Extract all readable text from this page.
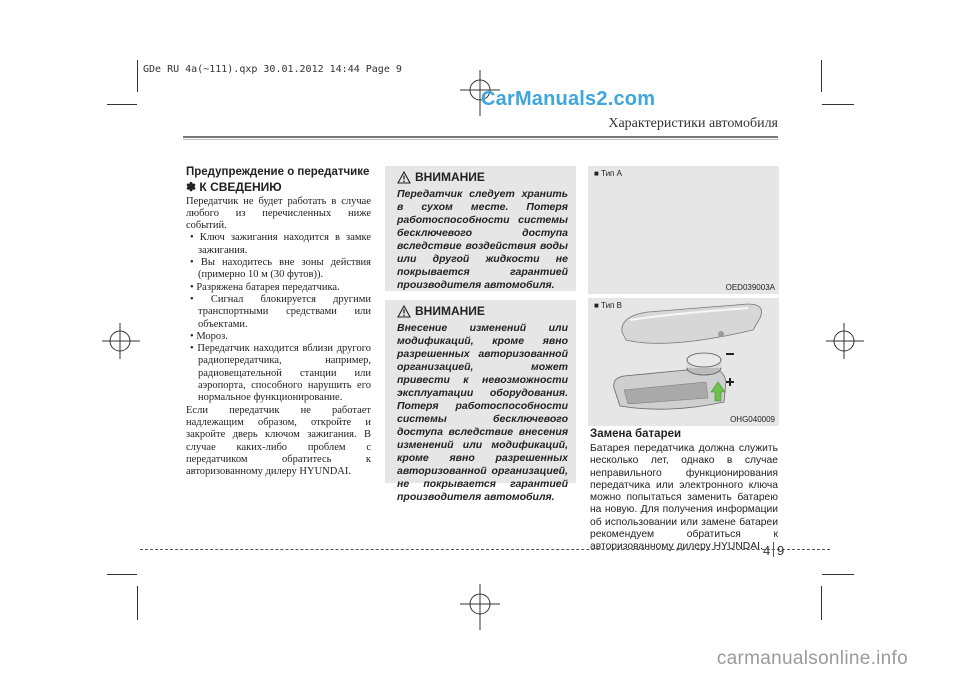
GDe RU 4a(~111).qxp 30.01.2012 14:44 Page 9
CarManuals2.com
Характеристики автомобиля
Предупреждение о передатчике
✽ К СВЕДЕНИЮ

Передатчик не будет работать в случае любого из перечисленных ниже событий.

• Ключ зажигания находится в замке зажигания.
• Вы находитесь вне зоны действия (примерно 10 м (30 футов)).
• Разряжена батарея передатчика.
• Сигнал блокируется другими транспортными средствами или объектами.
• Мороз.
• Передатчик находится вблизи другого радиопередатчика, например, радиовещательной станции или аэропорта, способного нарушить его нормальное функционирование.

Если передатчик не работает надлежащим образом, откройте и закройте дверь ключом зажигания. В случае каких-либо проблем с передатчиком обратитесь к авторизованному дилеру HYUNDAI.

ВНИМАНИЕ
Передатчик следует хранить в сухом месте. Потеря работоспособности системы бесключевого доступа вследствие воздействия воды или другой жидкости не покрывается гарантией производителя автомобиля.
ВНИМАНИЕ
Внесение изменений или модификаций, кроме явно разрешенных авторизованной организацией, может привести к невозможности эксплуатации оборудования. Потеря работоспособности системы бесключевого доступа вследствие внесения изменений или модификаций, кроме явно разрешенных авторизованной организацией, не покрывается гарантией производителя автомобиля.
■ Тип A
OED039003A
■ Тип B
OHG040009
Замена батареи

Батарея передатчика должна служить несколько лет, однако в случае неправильного функционирования передатчика или электронного ключа можно попытаться заменить батарею на новую. Для получения информации об использовании или замене батареи рекомендуем обратиться к авторизованному дилеру HYUNDAI. 4 9
carmanualsonline.info
